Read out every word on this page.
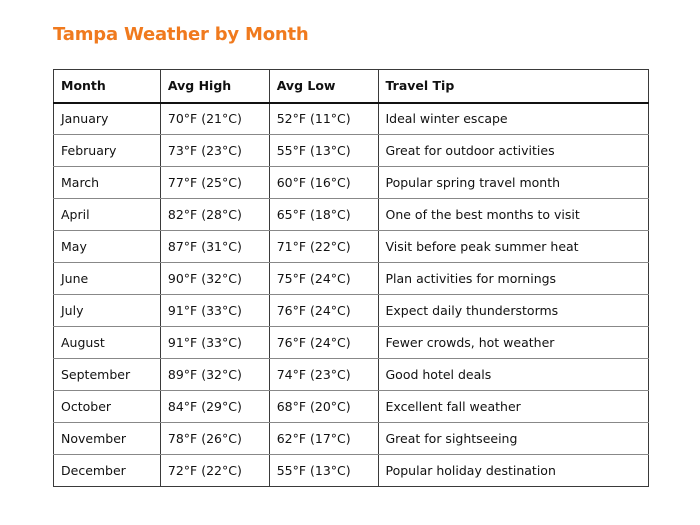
Tampa Weather by Month
Month	Avg High	Avg Low	Travel Tip
January	70°F (21°C)	52°F (11°C)	Ideal winter escape
February	73°F (23°C)	55°F (13°C)	Great for outdoor activities
March	77°F (25°C)	60°F (16°C)	Popular spring travel month
April	82°F (28°C)	65°F (18°C)	One of the best months to visit
May	87°F (31°C)	71°F (22°C)	Visit before peak summer heat
June	90°F (32°C)	75°F (24°C)	Plan activities for mornings
July	91°F (33°C)	76°F (24°C)	Expect daily thunderstorms
August	91°F (33°C)	76°F (24°C)	Fewer crowds, hot weather
September	89°F (32°C)	74°F (23°C)	Good hotel deals
October	84°F (29°C)	68°F (20°C)	Excellent fall weather
November	78°F (26°C)	62°F (17°C)	Great for sightseeing
December	72°F (22°C)	55°F (13°C)	Popular holiday destination
